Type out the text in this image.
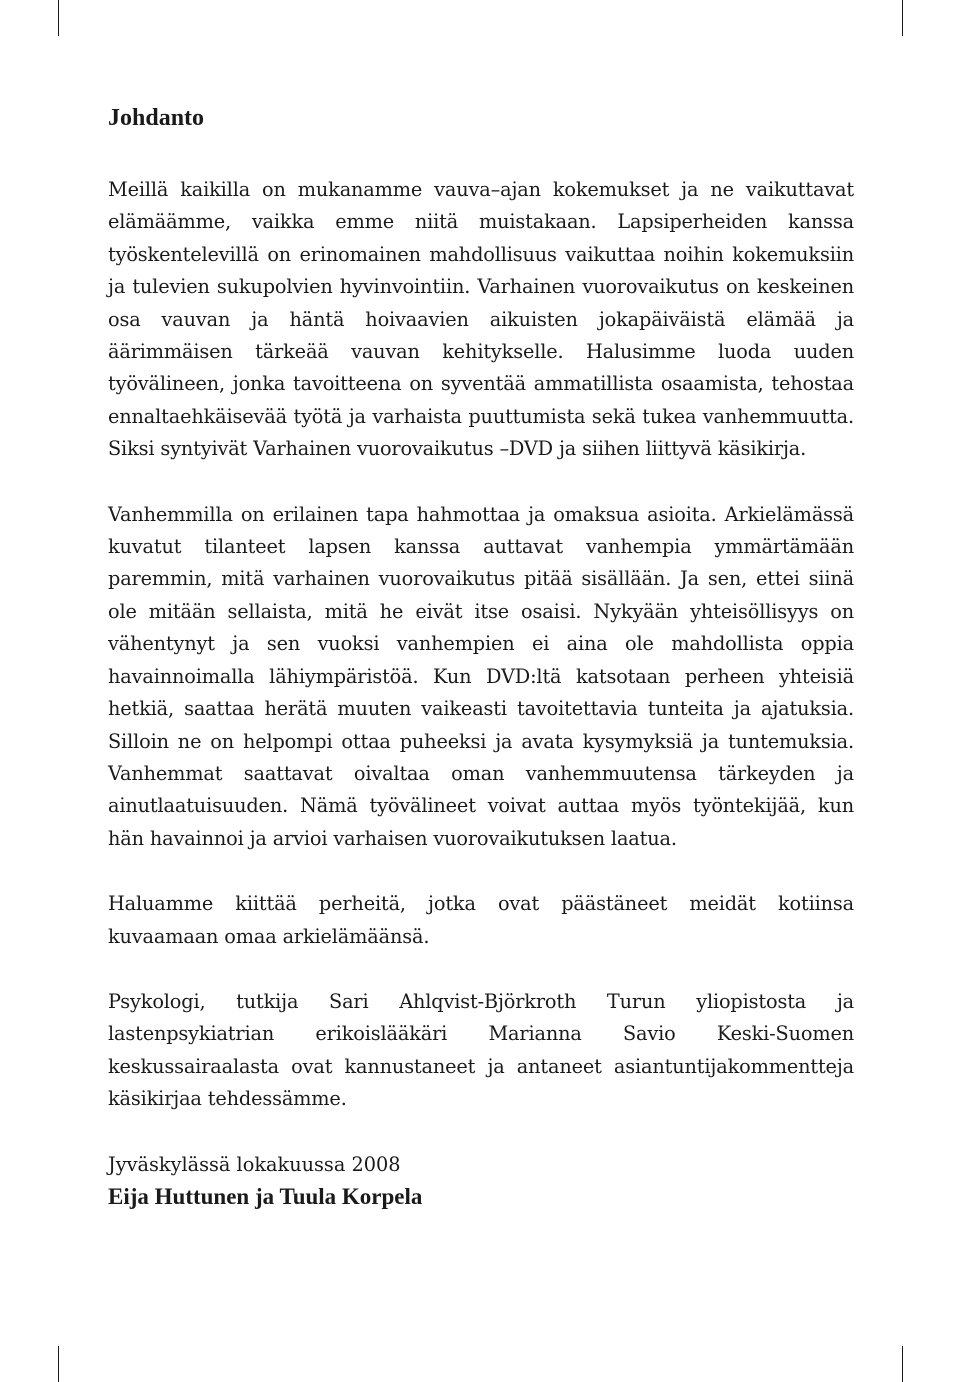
Johdanto

Meillä kaikilla on mukanamme vauva–ajan kokemukset ja ne vaikuttavat elämäämme, vaikka emme niitä muistakaan. Lapsiperheiden kanssa työskentelevillä on erinomainen mahdollisuus vaikuttaa noihin kokemuksiin ja tulevien sukupolvien hyvinvointiin. Varhainen vuorovaikutus on keskeinen osa vauvan ja häntä hoivaavien aikuisten jokapäiväistä elämää ja äärimmäisen tärkeää vauvan kehitykselle. Halusimme luoda uuden työvälineen, jonka tavoitteena on syventää ammatillista osaamista, tehostaa ennaltaehkäisevää työtä ja varhaista puuttumista sekä tukea vanhemmuutta. Siksi syntyivät Varhainen vuorovaikutus –DVD ja siihen liittyvä käsikirja.

Vanhemmilla on erilainen tapa hahmottaa ja omaksua asioita. Arkielämässä kuvatut tilanteet lapsen kanssa auttavat vanhempia ymmärtämään paremmin, mitä varhainen vuorovaikutus pitää sisällään. Ja sen, ettei siinä ole mitään sellaista, mitä he eivät itse osaisi. Nykyään yhteisöllisyys on vähentynyt ja sen vuoksi vanhempien ei aina ole mahdollista oppia havainnoimalla lähiympäristöä. Kun DVD:ltä katsotaan perheen yhteisiä hetkiä, saattaa herätä muuten vaikeasti tavoitettavia tunteita ja ajatuksia. Silloin ne on helpompi ottaa puheeksi ja avata kysymyksiä ja tuntemuksia. Vanhemmat saattavat oivaltaa oman vanhemmuutensa tärkeyden ja ainutlaatuisuuden. Nämä työvälineet voivat auttaa myös työntekijää, kun hän havainnoi ja arvioi varhaisen vuorovaikutuksen laatua.

Haluamme kiittää perheitä, jotka ovat päästäneet meidät kotiinsa kuvaamaan omaa arkielämäänsä.

Psykologi, tutkija Sari Ahlqvist-Björkroth Turun yliopistosta ja lastenpsykiatrian erikoislääkäri Marianna Savio Keski-Suomen keskussairaalasta ovat kannustaneet ja antaneet asiantuntijakommentteja käsikirjaa tehdessämme.

Jyväskylässä lokakuussa 2008

Eija Huttunen ja Tuula Korpela
